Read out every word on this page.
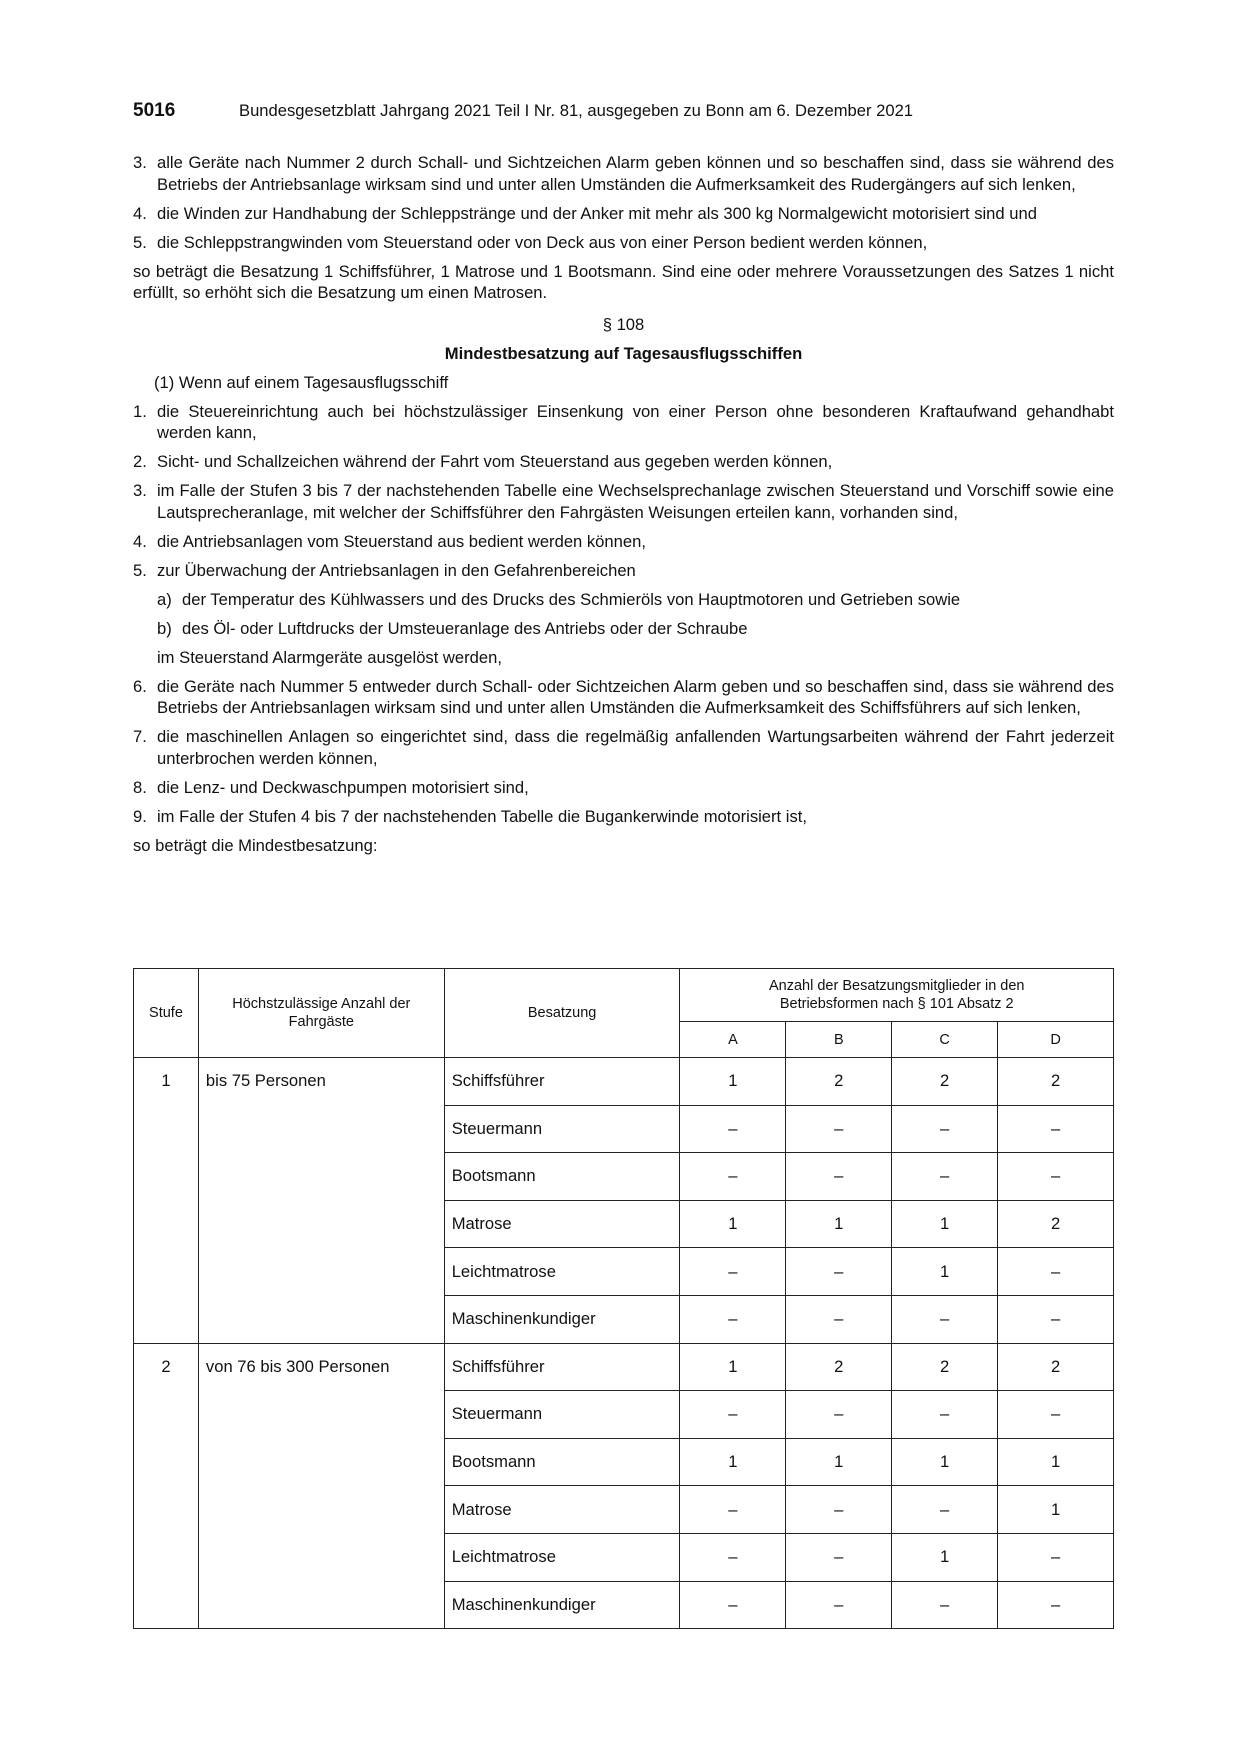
5016	Bundesgesetzblatt Jahrgang 2021 Teil I Nr. 81, ausgegeben zu Bonn am 6. Dezember 2021
3. alle Geräte nach Nummer 2 durch Schall- und Sichtzeichen Alarm geben können und so beschaffen sind, dass sie während des Betriebs der Antriebsanlage wirksam sind und unter allen Umständen die Aufmerksamkeit des Rudergängers auf sich lenken,
4. die Winden zur Handhabung der Schleppstränge und der Anker mit mehr als 300 kg Normalgewicht motorisiert sind und
5. die Schleppstrangwinden vom Steuerstand oder von Deck aus von einer Person bedient werden können,
so beträgt die Besatzung 1 Schiffsführer, 1 Matrose und 1 Bootsmann. Sind eine oder mehrere Voraussetzungen des Satzes 1 nicht erfüllt, so erhöht sich die Besatzung um einen Matrosen.
§ 108
Mindestbesatzung auf Tagesausflugsschiffen
(1) Wenn auf einem Tagesausflugsschiff
1. die Steuereinrichtung auch bei höchstzulässiger Einsenkung von einer Person ohne besonderen Kraftaufwand gehandhabt werden kann,
2. Sicht- und Schallzeichen während der Fahrt vom Steuerstand aus gegeben werden können,
3. im Falle der Stufen 3 bis 7 der nachstehenden Tabelle eine Wechselsprechanlage zwischen Steuerstand und Vorschiff sowie eine Lautsprecheranlage, mit welcher der Schiffsführer den Fahrgästen Weisungen erteilen kann, vorhanden sind,
4. die Antriebsanlagen vom Steuerstand aus bedient werden können,
5. zur Überwachung der Antriebsanlagen in den Gefahrenbereichen
a) der Temperatur des Kühlwassers und des Drucks des Schmieröls von Hauptmotoren und Getrieben sowie
b) des Öl- oder Luftdrucks der Umsteueranlage des Antriebs oder der Schraube
im Steuerstand Alarmgeräte ausgelöst werden,
6. die Geräte nach Nummer 5 entweder durch Schall- oder Sichtzeichen Alarm geben und so beschaffen sind, dass sie während des Betriebs der Antriebsanlagen wirksam sind und unter allen Umständen die Aufmerksamkeit des Schiffsführers auf sich lenken,
7. die maschinellen Anlagen so eingerichtet sind, dass die regelmäßig anfallenden Wartungsarbeiten während der Fahrt jederzeit unterbrochen werden können,
8. die Lenz- und Deckwaschpumpen motorisiert sind,
9. im Falle der Stufen 4 bis 7 der nachstehenden Tabelle die Bugankerwinde motorisiert ist,
so beträgt die Mindestbesatzung:
Stufe	Höchstzulässige Anzahl der Fahrgäste	Besatzung	Anzahl der Besatzungsmitglieder in den Betriebsformen nach § 101 Absatz 2			
			A	B	C	D
1	bis 75 Personen	Schiffsführer	1	2	2	2
		Steuermann	–	–	–	–
		Bootsmann	–	–	–	–
		Matrose	1	1	1	2
		Leichtmatrose	–	–	1	–
		Maschinenkundiger	–	–	–	–
2	von 76 bis 300 Personen	Schiffsführer	1	2	2	2
		Steuermann	–	–	–	–
		Bootsmann	1	1	1	1
		Matrose	–	–	–	1
		Leichtmatrose	–	–	1	–
		Maschinenkundiger	–	–	–	–
